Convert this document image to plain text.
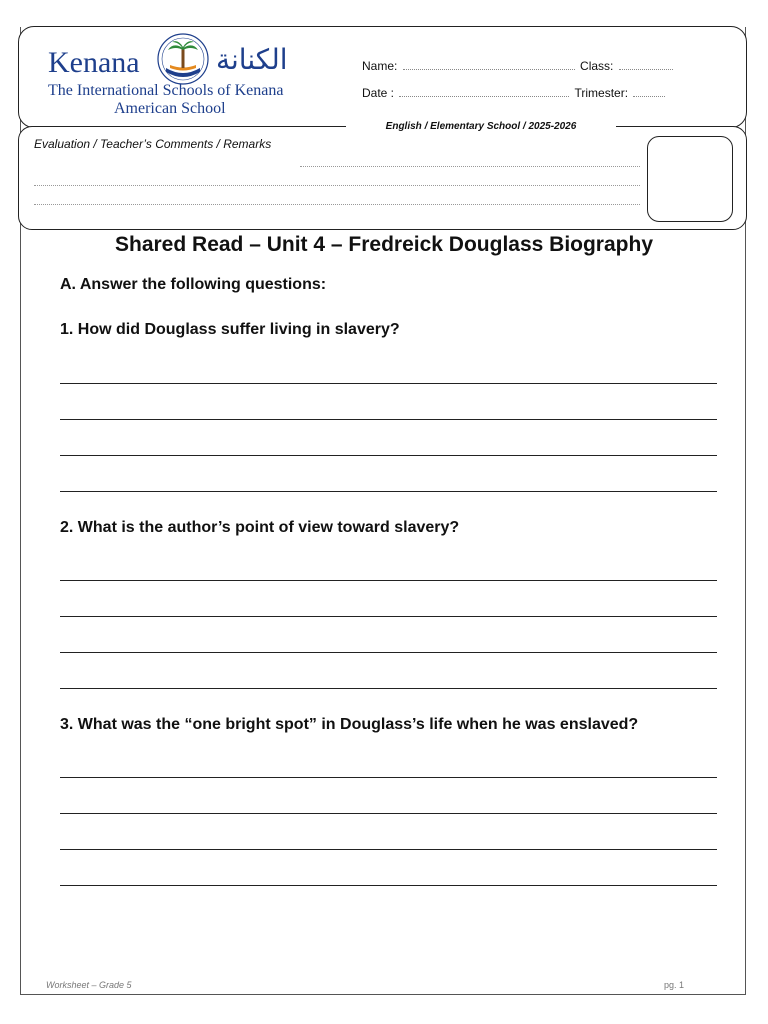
Kenana	الكنانة
The International Schools of Kenana
American School
Name:	Class:
Date :	Trimester:
English / Elementary School / 2025-2026
Evaluation / Teacher’s Comments / Remarks
Shared Read – Unit 4 – Fredreick Douglass Biography
A. Answer the following questions:
1. How did Douglass suffer living in slavery?
2. What is the author’s point of view toward slavery?
3. What was the “one bright spot” in Douglass’s life when he was enslaved?
Worksheet – Grade 5	pg. 1
